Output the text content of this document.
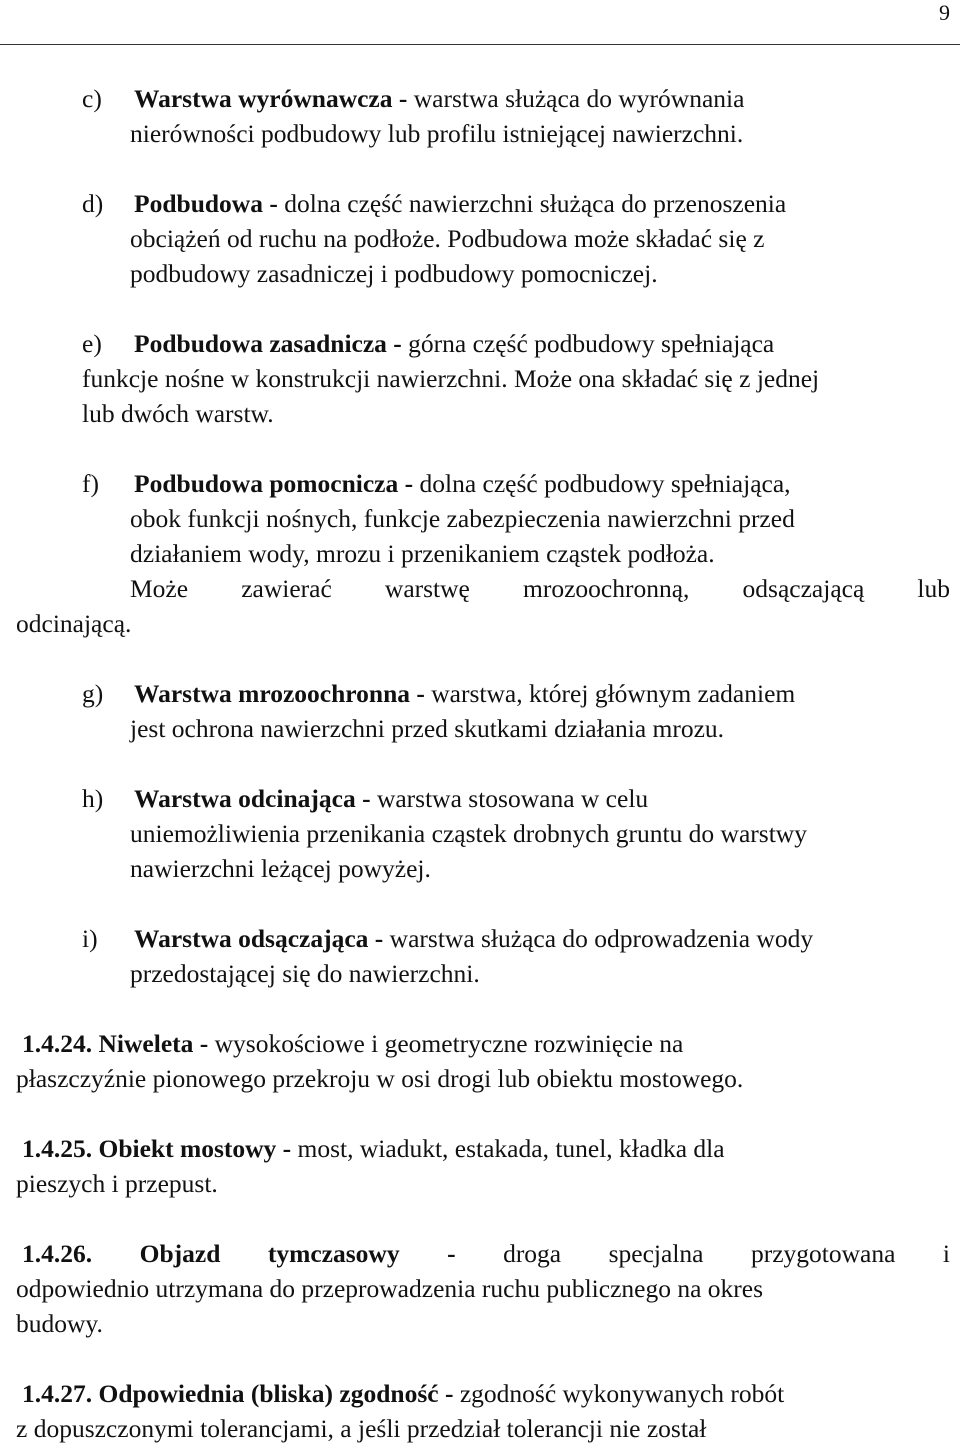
9
c) Warstwa wyrównawcza - warstwa służąca do wyrównania
nierówności podbudowy lub profilu istniejącej nawierzchni.
d) Podbudowa - dolna część nawierzchni służąca do przenoszenia
obciążeń od ruchu na podłoże. Podbudowa może składać się z
podbudowy zasadniczej i podbudowy pomocniczej.
e) Podbudowa zasadnicza - górna część podbudowy spełniająca
funkcje nośne w konstrukcji nawierzchni. Może ona składać się z jednej
lub dwóch warstw.
f) Podbudowa pomocnicza - dolna część podbudowy spełniająca,
obok funkcji nośnych, funkcje zabezpieczenia nawierzchni przed
działaniem wody, mrozu i przenikaniem cząstek podłoża.
Może zawierać warstwę mrozoochronną, odsączającą lub
odcinającą.
g) Warstwa mrozoochronna - warstwa, której głównym zadaniem
jest ochrona nawierzchni przed skutkami działania mrozu.
h) Warstwa odcinająca - warstwa stosowana w celu
uniemożliwienia przenikania cząstek drobnych gruntu do warstwy
nawierzchni leżącej powyżej.
i) Warstwa odsączająca - warstwa służąca do odprowadzenia wody
przedostającej się do nawierzchni.
1.4.24. Niweleta - wysokościowe i geometryczne rozwinięcie na
płaszczyźnie pionowego przekroju w osi drogi lub obiektu mostowego.
1.4.25. Obiekt mostowy - most, wiadukt, estakada, tunel, kładka dla
pieszych i przepust.
1.4.26. Objazd tymczasowy - droga specjalna przygotowana i
odpowiednio utrzymana do przeprowadzenia ruchu publicznego na okres
budowy.
1.4.27. Odpowiednia (bliska) zgodność - zgodność wykonywanych robót
z dopuszczonymi tolerancjami, a jeśli przedział tolerancji nie został
